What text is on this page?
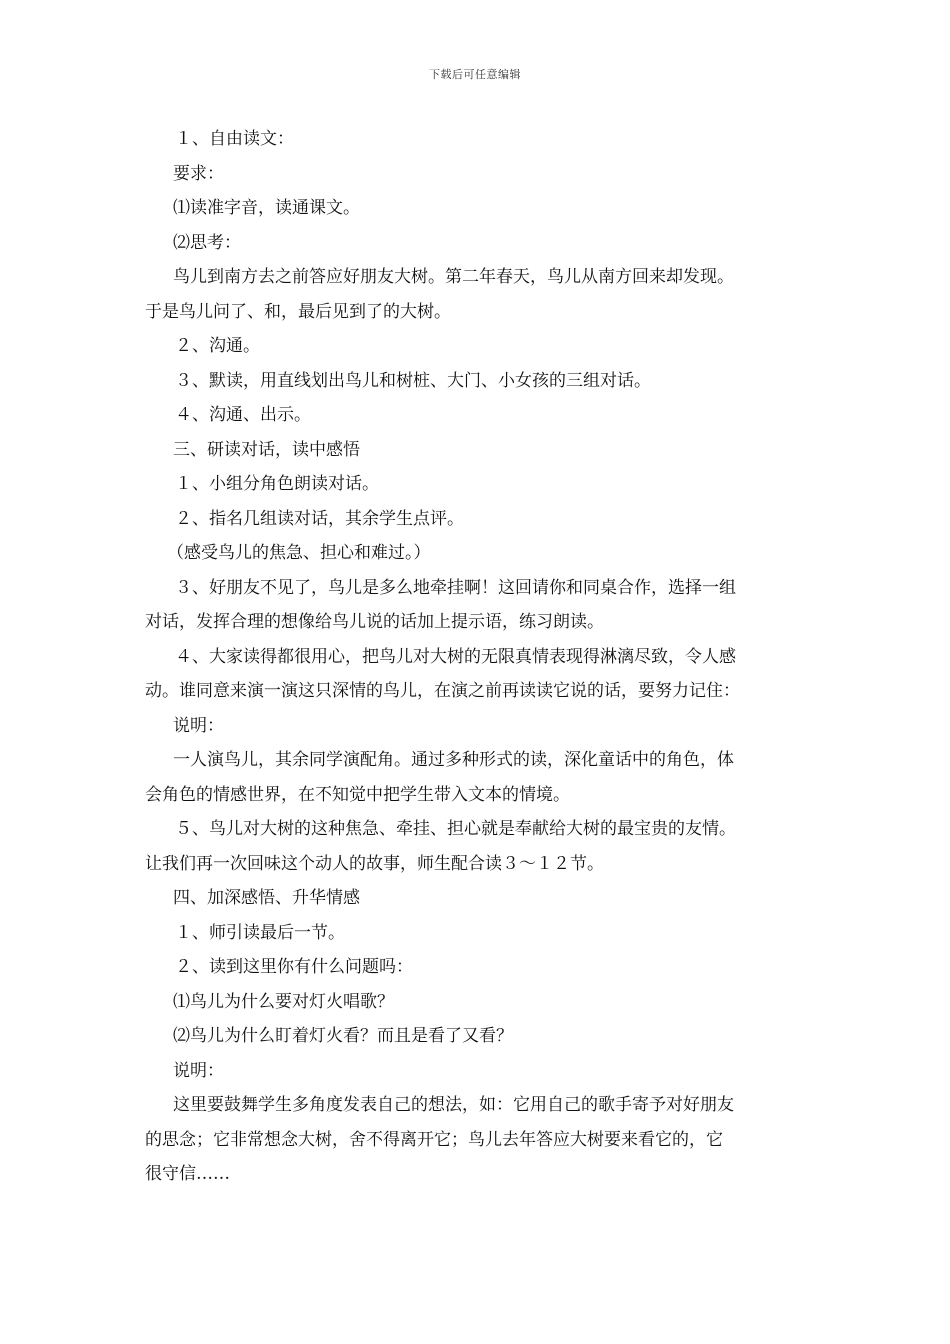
下载后可任意编辑
１、自由读文：
要求：
⑴读准字音，读通课文。
⑵思考：
鸟儿到南方去之前答应好朋友大树。第二年春天，鸟儿从南方回来却发现。
于是鸟儿问了、和，最后见到了的大树。
２、沟通。
３、默读，用直线划出鸟儿和树桩、大门、小女孩的三组对话。
４、沟通、出示。
三、研读对话，读中感悟
１、小组分角色朗读对话。
２、指名几组读对话，其余学生点评。
（感受鸟儿的焦急、担心和难过。）
３、好朋友不见了，鸟儿是多么地牵挂啊！这回请你和同桌合作，选择一组
对话，发挥合理的想像给鸟儿说的话加上提示语，练习朗读。
４、大家读得都很用心，把鸟儿对大树的无限真情表现得淋漓尽致，令人感
动。谁同意来演一演这只深情的鸟儿，在演之前再读读它说的话，要努力记住：
说明：
一人演鸟儿，其余同学演配角。通过多种形式的读，深化童话中的角色，体
会角色的情感世界，在不知觉中把学生带入文本的情境。
５、鸟儿对大树的这种焦急、牵挂、担心就是奉献给大树的最宝贵的友情。
让我们再一次回味这个动人的故事，师生配合读３～１２节。
四、加深感悟、升华情感
１、师引读最后一节。
２、读到这里你有什么问题吗：
⑴鸟儿为什么要对灯火唱歌？
⑵鸟儿为什么盯着灯火看？而且是看了又看？
说明：
这里要鼓舞学生多角度发表自己的想法，如：它用自己的歌手寄予对好朋友
的思念；它非常想念大树，舍不得离开它；鸟儿去年答应大树要来看它的，它
很守信……
